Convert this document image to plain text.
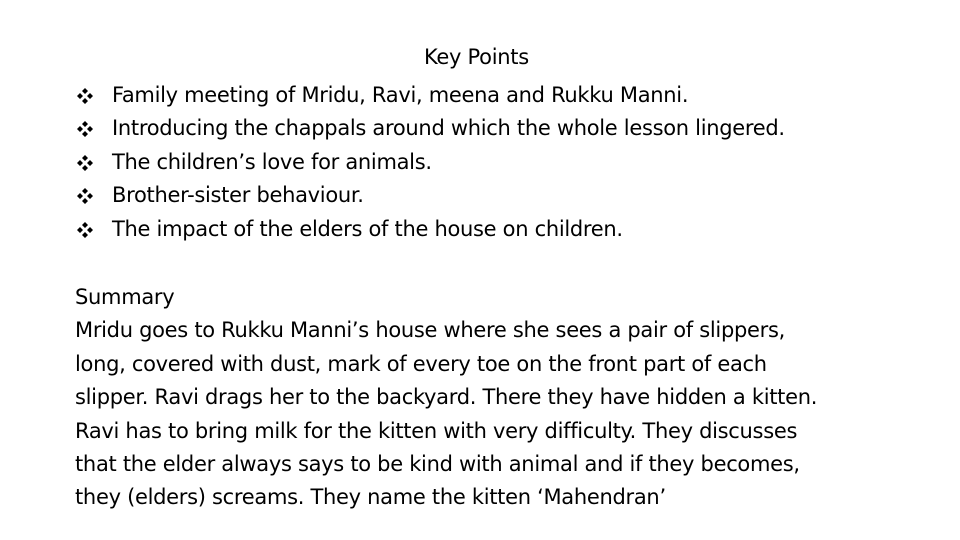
Key Points
Family meeting of Mridu, Ravi, meena and Rukku Manni.
Introducing the chappals around which the whole lesson lingered.
The children’s love for animals.
Brother-sister behaviour.
The impact of the elders of the house on children.
Summary
Mridu goes to Rukku Manni’s house where she sees a pair of slippers,
long, covered with dust, mark of every toe on the front part of each
slipper. Ravi drags her to the backyard. There they have hidden a kitten.
Ravi has to bring milk for the kitten with very difficulty. They discusses
that the elder always says to be kind with animal and if they becomes,
they (elders) screams. They name the kitten ‘Mahendran’
